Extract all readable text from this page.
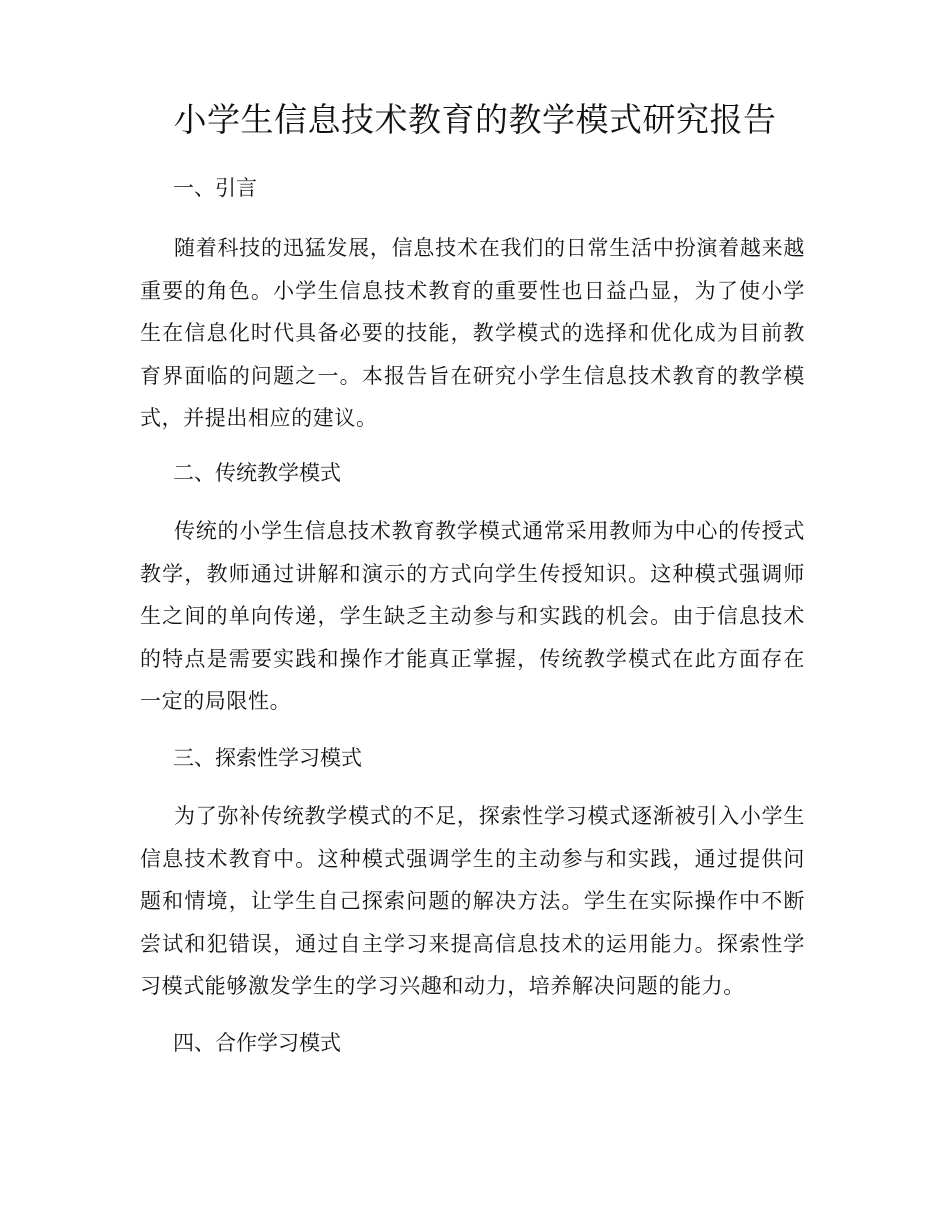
小学生信息技术教育的教学模式研究报告

一、引言

随着科技的迅猛发展，信息技术在我们的日常生活中扮演着越来越重要的角色。小学生信息技术教育的重要性也日益凸显，为了使小学生在信息化时代具备必要的技能，教学模式的选择和优化成为目前教育界面临的问题之一。本报告旨在研究小学生信息技术教育的教学模式，并提出相应的建议。

二、传统教学模式

传统的小学生信息技术教育教学模式通常采用教师为中心的传授式教学，教师通过讲解和演示的方式向学生传授知识。这种模式强调师生之间的单向传递，学生缺乏主动参与和实践的机会。由于信息技术的特点是需要实践和操作才能真正掌握，传统教学模式在此方面存在一定的局限性。

三、探索性学习模式

为了弥补传统教学模式的不足，探索性学习模式逐渐被引入小学生信息技术教育中。这种模式强调学生的主动参与和实践，通过提供问题和情境，让学生自己探索问题的解决方法。学生在实际操作中不断尝试和犯错误，通过自主学习来提高信息技术的运用能力。探索性学习模式能够激发学生的学习兴趣和动力，培养解决问题的能力。

四、合作学习模式
